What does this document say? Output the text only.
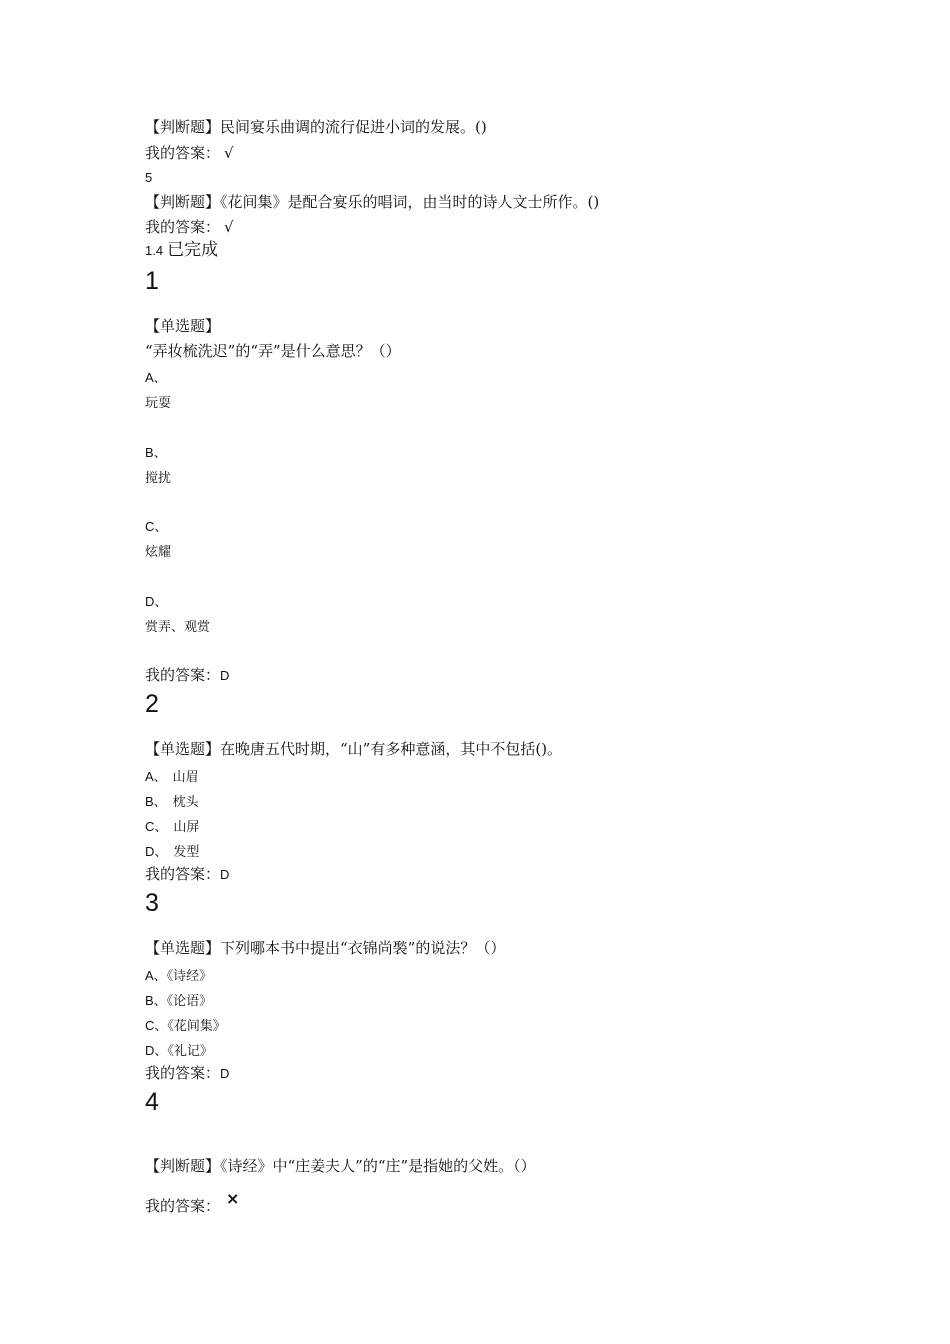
【判断题】民间宴乐曲调的流行促进小词的发展。()
我的答案： √
5
【判断题】《花间集》是配合宴乐的唱词，由当时的诗人文士所作。()
我的答案： √
1.4 已完成
1
【单选题】
“弄妆梳洗迟”的“弄”是什么意思？（）
A、
玩耍
B、
搅扰
C、
炫耀
D、
赏弄、观赏
我的答案：D
2
【单选题】在晚唐五代时期，“山”有多种意涵，其中不包括()。
A、 山眉
B、 枕头
C、 山屏
D、 发型
我的答案：D
3
【单选题】下列哪本书中提出“衣锦尚褧”的说法？（）
A、《诗经》
B、《论语》
C、《花间集》
D、《礼记》
我的答案：D
4
【判断题】《诗经》中“庄姜夫人”的“庄”是指她的父姓。（）
我的答案： ×
